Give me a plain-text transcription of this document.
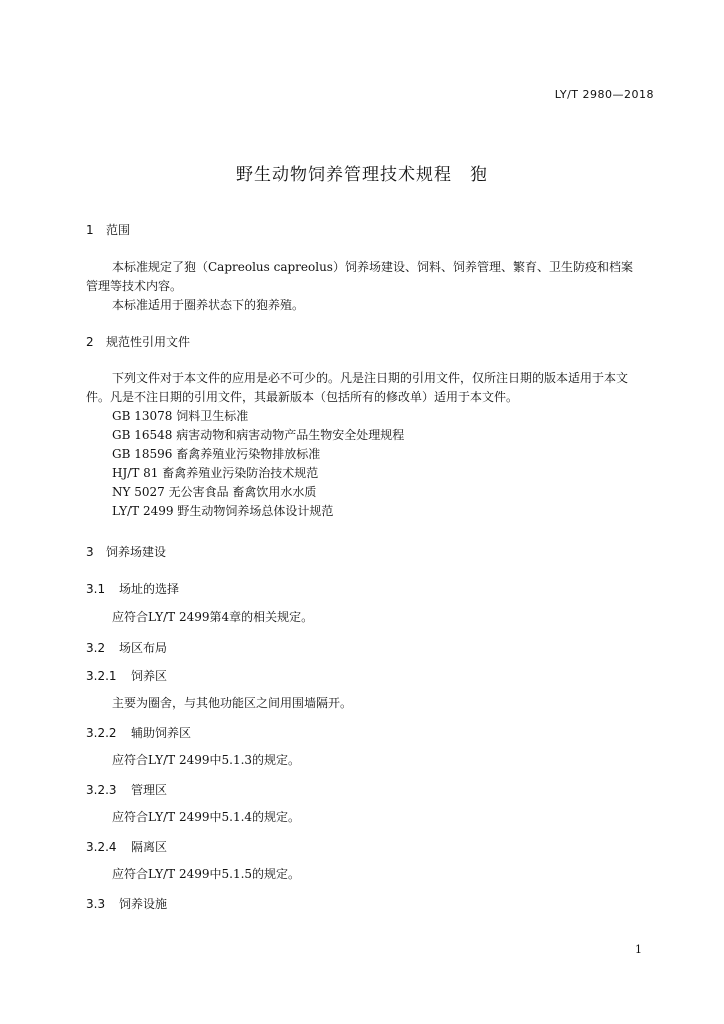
LY/T 2980—2018
野生动物饲养管理技术规程　狍
1 范围
本标准规定了狍（Capreolus capreolus）饲养场建设、饲料、饲养管理、繁育、卫生防疫和档案
管理等技术内容。
本标准适用于圈养状态下的狍养殖。
2 规范性引用文件
下列文件对于本文件的应用是必不可少的。凡是注日期的引用文件，仅所注日期的版本适用于本文
件。凡是不注日期的引用文件，其最新版本（包括所有的修改单）适用于本文件。
GB 13078 饲料卫生标准
GB 16548 病害动物和病害动物产品生物安全处理规程
GB 18596 畜禽养殖业污染物排放标准
HJ/T 81 畜禽养殖业污染防治技术规范
NY 5027 无公害食品 畜禽饮用水水质
LY/T 2499 野生动物饲养场总体设计规范
3 饲养场建设
3.1 场址的选择
应符合LY/T 2499第4章的相关规定。
3.2 场区布局
3.2.1 饲养区
主要为圈舍，与其他功能区之间用围墙隔开。
3.2.2 辅助饲养区
应符合LY/T 2499中5.1.3的规定。
3.2.3 管理区
应符合LY/T 2499中5.1.4的规定。
3.2.4 隔离区
应符合LY/T 2499中5.1.5的规定。
3.3 饲养设施
1
